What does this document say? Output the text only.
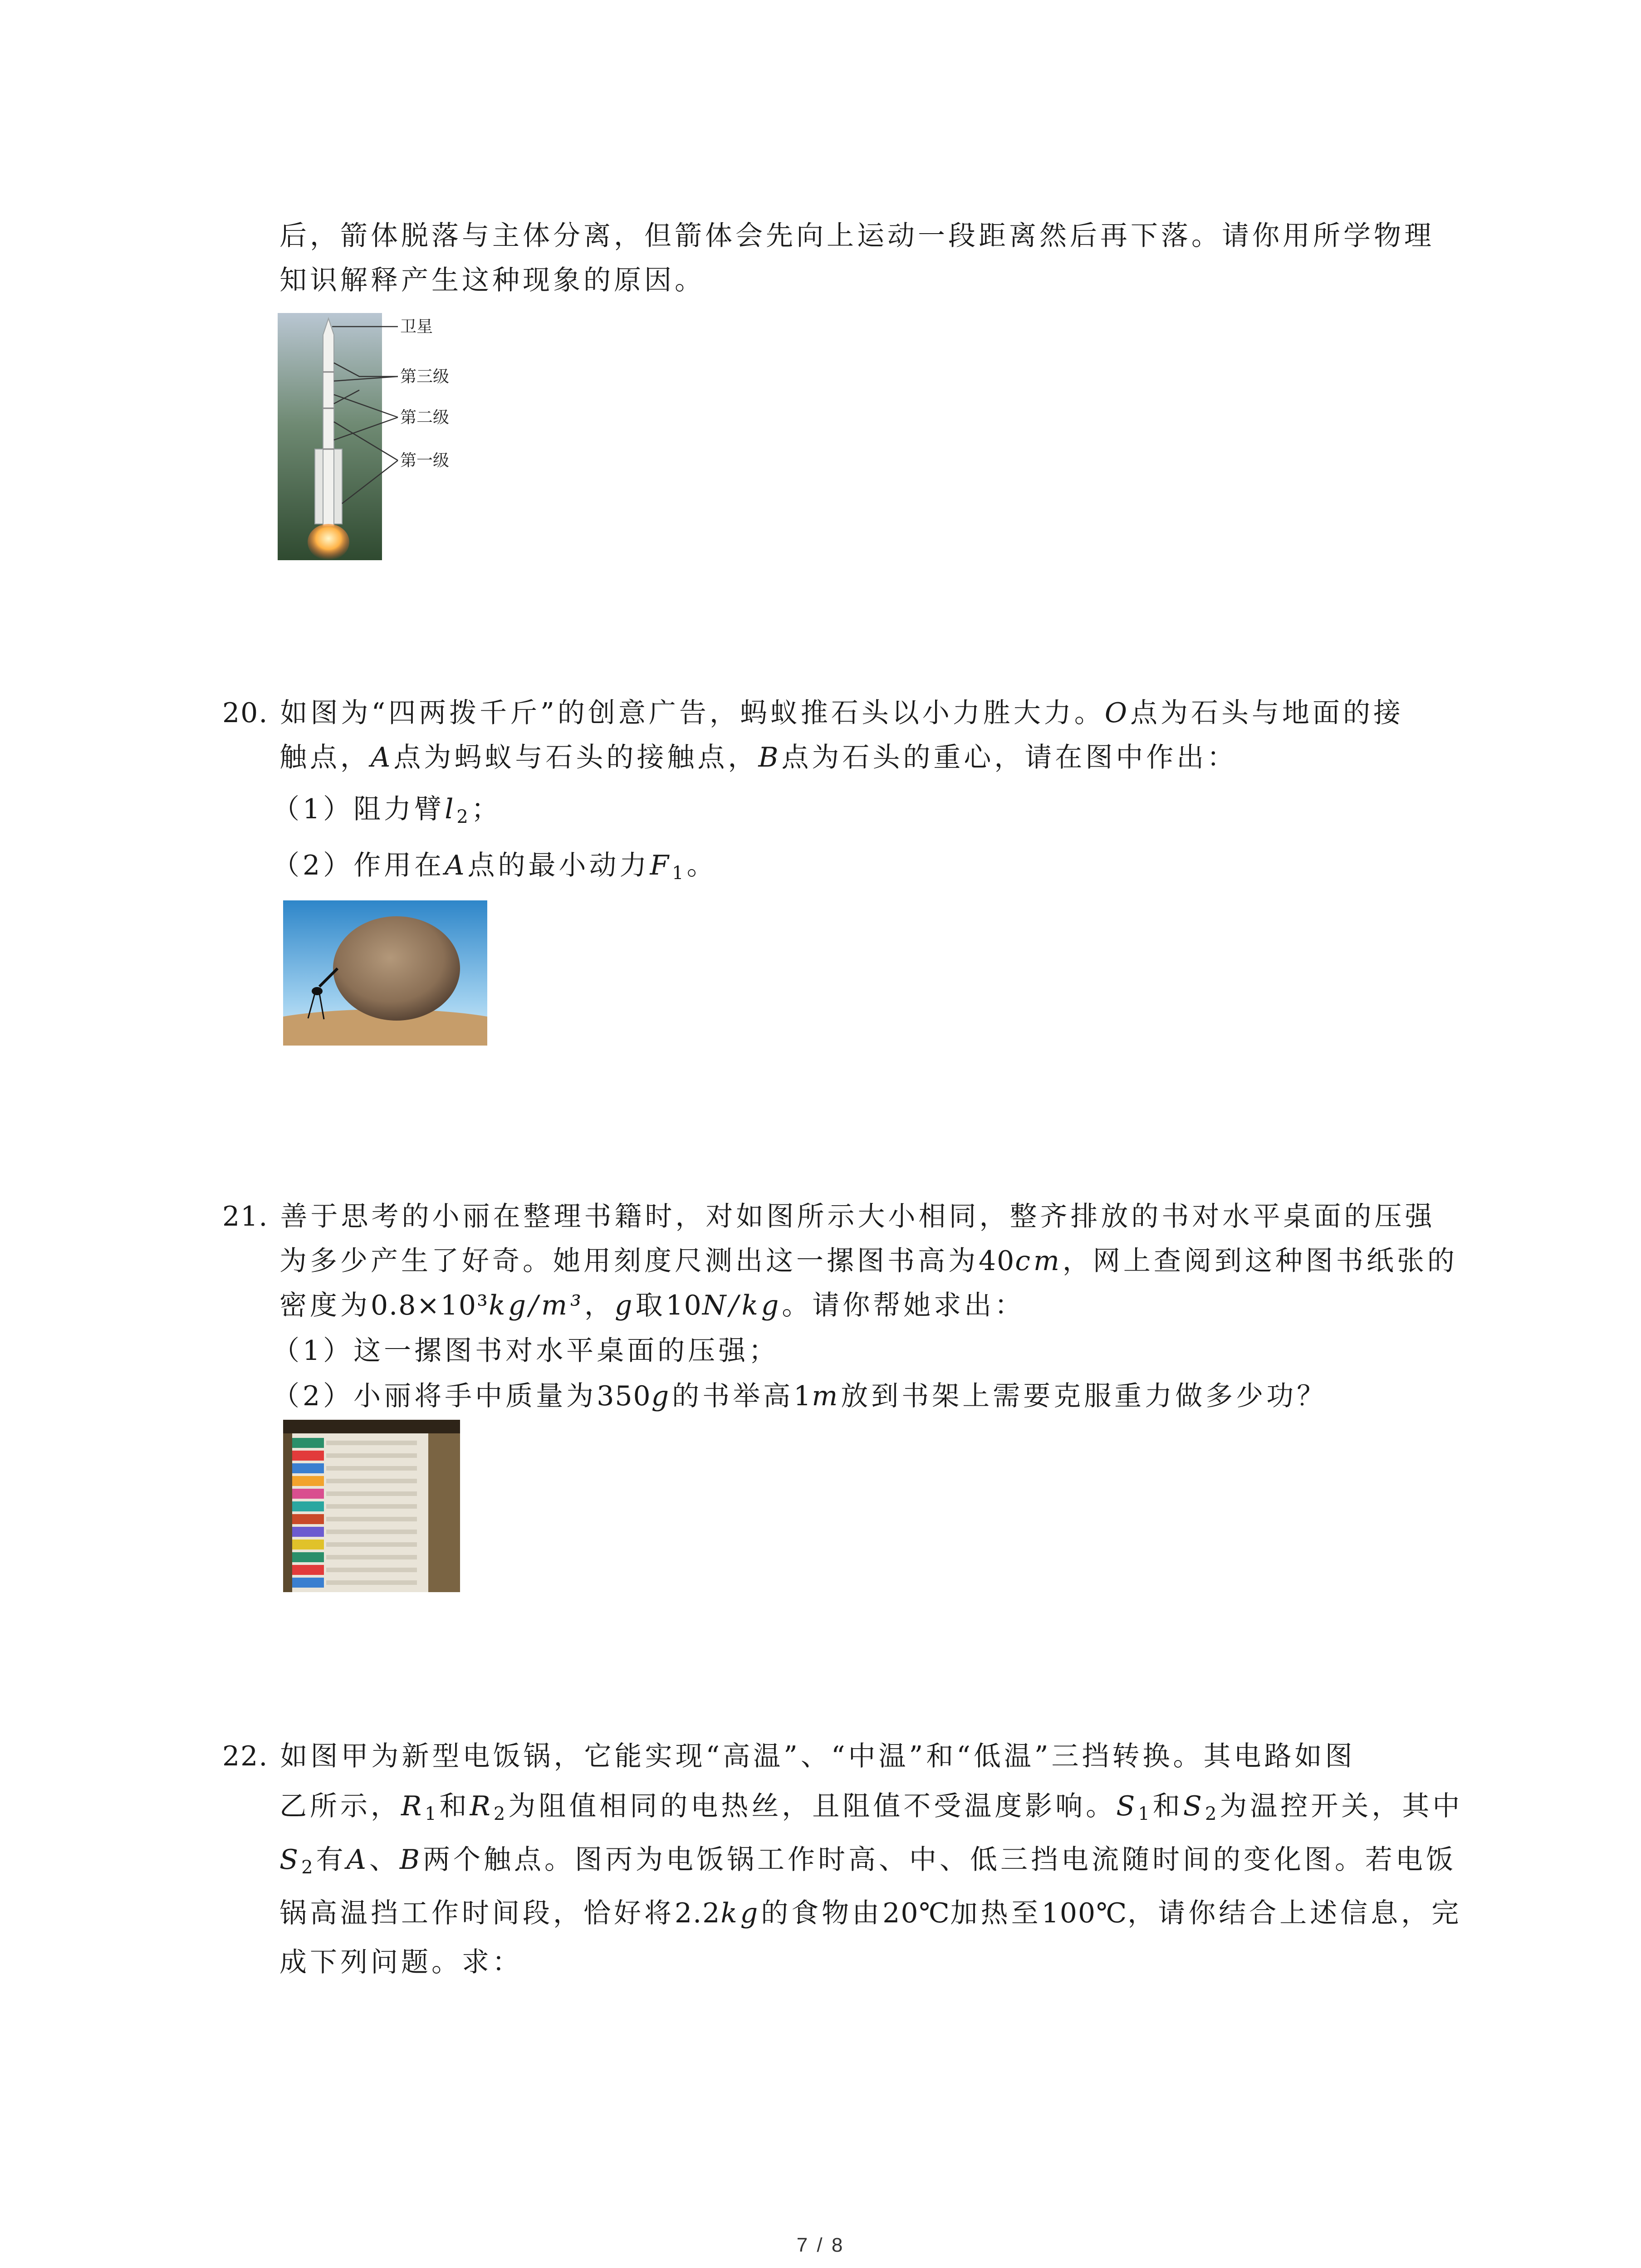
后，箭体脱落与主体分离，但箭体会先向上运动一段距离然后再下落。请你用所学物理
知识解释产生这种现象的原因。
卫星
第三级
第二级
第一级
20. 如图为“四两拨千斤”的创意广告，蚂蚁推石头以小力胜大力。O点为石头与地面的接
触点，A点为蚂蚁与石头的接触点，B点为石头的重心，请在图中作出：
（1）阻力臂$l_2$；
（2）作用在A点的最小动力$F_1$。
21. 善于思考的小丽在整理书籍时，对如图所示大小相同，整齐排放的书对水平桌面的压强
为多少产生了好奇。她用刻度尺测出这一摞图书高为40cm，网上查阅到这种图书纸张的
密度为0.8×10³kg/m³，g取10N/kg。请你帮她求出：
（1）这一摞图书对水平桌面的压强；
（2）小丽将手中质量为350g的书举高1m放到书架上需要克服重力做多少功？
22. 如图甲为新型电饭锅，它能实现“高温”、“中温”和“低温”三挡转换。其电路如图
乙所示，$R_1$和$R_2$为阻值相同的电热丝，且阻值不受温度影响。$S_1$和$S_2$为温控开关，其中
$S_2$有A、B两个触点。图丙为电饭锅工作时高、中、低三挡电流随时间的变化图。若电饭
锅高温挡工作时间段，恰好将2.2kg的食物由20℃加热至100℃，请你结合上述信息，完
成下列问题。求：
7 / 8
